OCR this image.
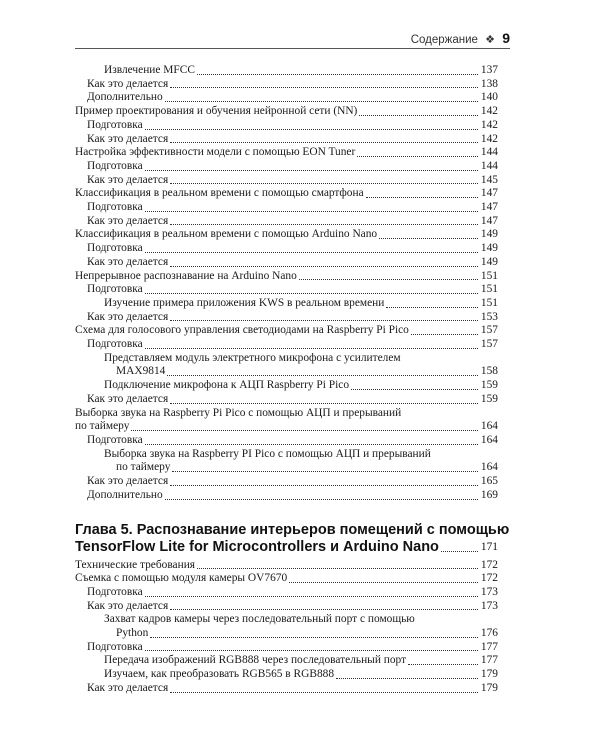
Содержание ❖ 9
Извлечение MFCC	137
Как это делается	138
Дополнительно	140
Пример проектирования и обучения нейронной сети (NN)	142
Подготовка	142
Как это делается	142
Настройка эффективности модели с помощью EON Tuner	144
Подготовка	144
Как это делается	145
Классификация в реальном времени с помощью смартфона	147
Подготовка	147
Как это делается	147
Классификация в реальном времени с помощью Arduino Nano	149
Подготовка	149
Как это делается	149
Непрерывное распознавание на Arduino Nano	151
Подготовка	151
Изучение примера приложения KWS в реальном времени	151
Как это делается	153
Схема для голосового управления светодиодами на Raspberry Pi Pico	157
Подготовка	157
Представляем модуль электретного микрофона с усилителем
MAX9814	158
Подключение микрофона к АЦП Raspberry Pi Pico	159
Как это делается	159
Выборка звука на Raspberry Pi Pico с помощью АЦП и прерываний
по таймеру	164
Подготовка	164
Выборка звука на Raspberry PI Pico с помощью АЦП и прерываний
по таймеру	164
Как это делается	165
Дополнительно	169
Глава 5. Распознавание интерьеров помещений с помощью
TensorFlow Lite for Microcontrollers и Arduino Nano	171
Технические требования	172
Съемка с помощью модуля камеры OV7670	172
Подготовка	173
Как это делается	173
Захват кадров камеры через последовательный порт с помощью
Python	176
Подготовка	177
Передача изображений RGB888 через последовательный порт	177
Изучаем, как преобразовать RGB565 в RGB888	179
Как это делается	179
